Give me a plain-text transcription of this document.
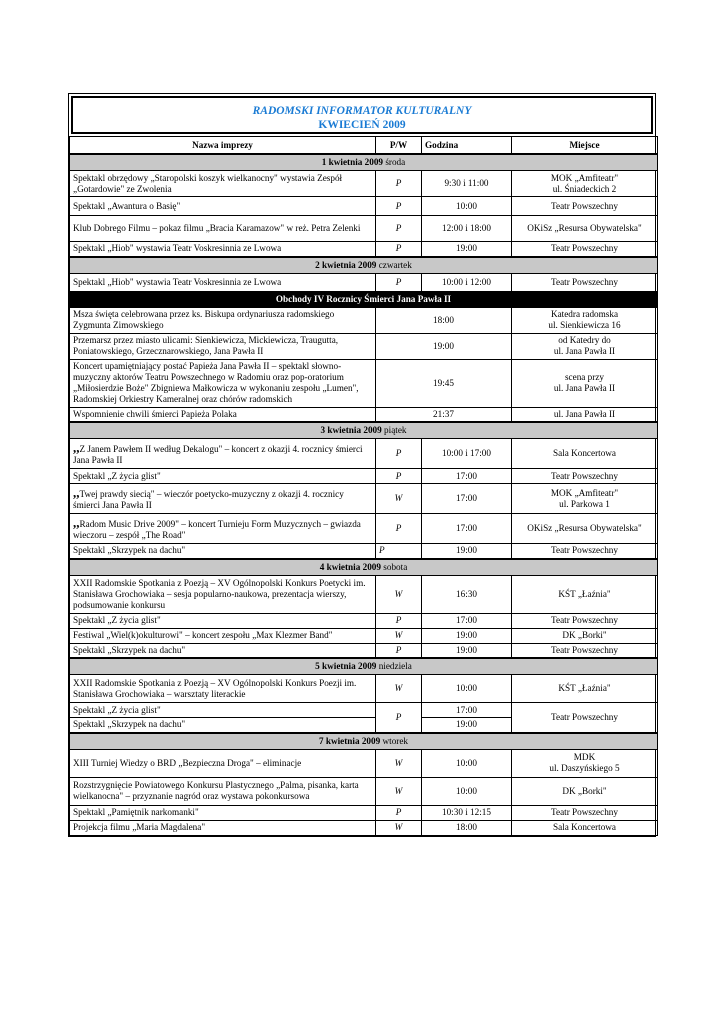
RADOMSKI INFORMATOR KULTURALNY
KWIECIEŃ 2009
Nazwa imprezy	P/W	Godzina	Miejsce
1 kwietnia 2009 środa			
Spektakl obrzędowy „Staropolski koszyk wielkanocny" wystawia Zespół „Gotardowie" ze Zwolenia	P	9:30 i 11:00	MOK „Amfiteatr"
ul. Śniadeckich 2
Spektakl „Awantura o Basię"	P	10:00	Teatr Powszechny
Klub Dobrego Filmu – pokaz filmu „Bracia Karamazow" w reż. Petra Zelenki	P	12:00 i 18:00	OKiSz „Resursa Obywatelska"
Spektakl „Hiob" wystawia Teatr Voskresinnia ze Lwowa	P	19:00	Teatr Powszechny
2 kwietnia 2009 czwartek			
Spektakl „Hiob" wystawia Teatr Voskresinnia ze Lwowa	P	10:00 i 12:00	Teatr Powszechny
Obchody IV Rocznicy Śmierci Jana Pawła II			
Msza święta celebrowana przez ks. Biskupa ordynariusza radomskiego Zygmunta Zimowskiego	18:00		Katedra radomska
ul. Sienkiewicza 16
Przemarsz przez miasto ulicami: Sienkiewicza, Mickiewicza, Traugutta, Poniatowskiego, Grzecznarowskiego, Jana Pawła II	19:00		od Katedry do
ul. Jana Pawła II
Koncert upamiętniający postać Papieża Jana Pawła II – spektakl słowno-muzyczny aktorów Teatru Powszechnego w Radomiu oraz pop-oratorium „Miłosierdzie Boże" Zbigniewa Małkowicza w wykonaniu zespołu „Lumen", Radomskiej Orkiestry Kameralnej oraz chórów radomskich	19:45		scena przy
ul. Jana Pawła II
Wspomnienie chwili śmierci Papieża Polaka	21:37		ul. Jana Pawła II
3 kwietnia 2009 piątek			
,,Z Janem Pawłem II według Dekalogu" – koncert z okazji 4. rocznicy śmierci Jana Pawła II	P	10:00 i 17:00	Sala Koncertowa
Spektakl „Z życia glist"	P	17:00	Teatr Powszechny
,,Twej prawdy siecią" – wieczór poetycko-muzyczny z okazji 4. rocznicy śmierci Jana Pawła II	W	17:00	MOK „Amfiteatr"
ul. Parkowa 1
,,Radom Music Drive 2009" – koncert Turnieju Form Muzycznych – gwiazda wieczoru – zespół „The Road"	P	17:00	OKiSz „Resursa Obywatelska"
Spektakl „Skrzypek na dachu"	P	19:00	Teatr Powszechny
4 kwietnia 2009 sobota			
XXII Radomskie Spotkania z Poezją – XV Ogólnopolski Konkurs Poetycki im. Stanisława Grochowiaka – sesja popularno-naukowa, prezentacja wierszy, podsumowanie konkursu	W	16:30	KŚT „Łaźnia"
Spektakl „Z życia glist"	P	17:00	Teatr Powszechny
Festiwal „Wiel(k)okulturowi" – koncert zespołu „Max Klezmer Band"	W	19:00	DK „Borki"
Spektakl „Skrzypek na dachu"	P	19:00	Teatr Powszechny
5 kwietnia 2009 niedziela			
XXII Radomskie Spotkania z Poezją – XV Ogólnopolski Konkurs Poezji im. Stanisława Grochowiaka – warsztaty literackie	W	10:00	KŚT „Łaźnia"
Spektakl „Z życia glist"	P	17:00	Teatr Powszechny
Spektakl „Skrzypek na dachu"		19:00	
7 kwietnia 2009 wtorek			
XIII Turniej Wiedzy o BRD „Bezpieczna Droga" – eliminacje	W	10:00	MDK
ul. Daszyńskiego 5
Rozstrzygnięcie Powiatowego Konkursu Plastycznego „Palma, pisanka, karta wielkanocna" – przyznanie nagród oraz wystawa pokonkursowa	W	10:00	DK „Borki"
Spektakl „Pamiętnik narkomanki"	P	10:30 i 12:15	Teatr Powszechny
Projekcja filmu „Maria Magdalena"	W	18:00	Sala Koncertowa
